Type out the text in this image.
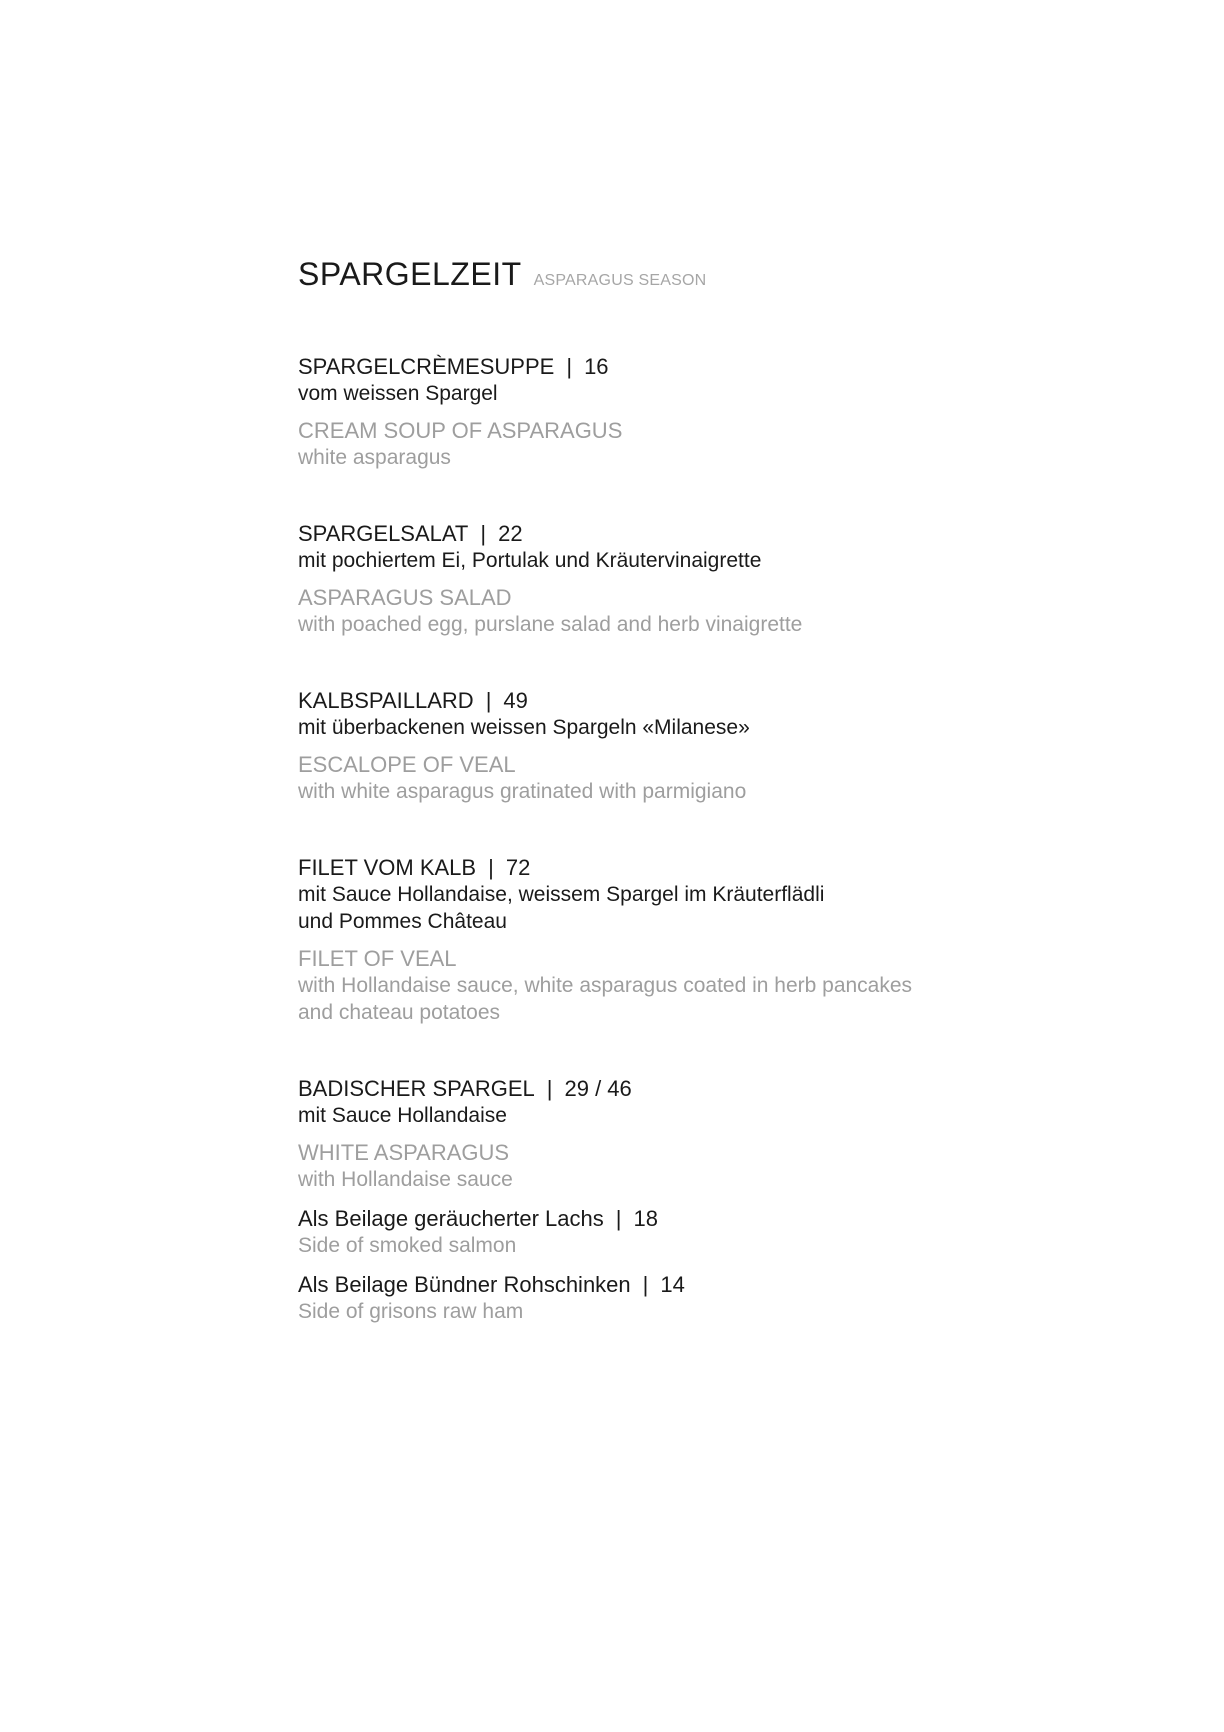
SPARGELZEIT ASPARAGUS SEASON
SPARGELCRÈMESUPPE | 16
vom weissen Spargel
CREAM SOUP OF ASPARAGUS
white asparagus
SPARGELSALAT | 22
mit pochiertem Ei, Portulak und Kräutervinaigrette
ASPARAGUS SALAD
with poached egg, purslane salad and herb vinaigrette
KALBSPAILLARD | 49
mit überbackenen weissen Spargeln «Milanese»
ESCALOPE OF VEAL
with white asparagus gratinated with parmigiano
FILET VOM KALB | 72
mit Sauce Hollandaise, weissem Spargel im Kräuterflädli
und Pommes Château
FILET OF VEAL
with Hollandaise sauce, white asparagus coated in herb pancakes
and chateau potatoes
BADISCHER SPARGEL | 29 / 46
mit Sauce Hollandaise
WHITE ASPARAGUS
with Hollandaise sauce
Als Beilage geräucherter Lachs | 18
Side of smoked salmon
Als Beilage Bündner Rohschinken | 14
Side of grisons raw ham
